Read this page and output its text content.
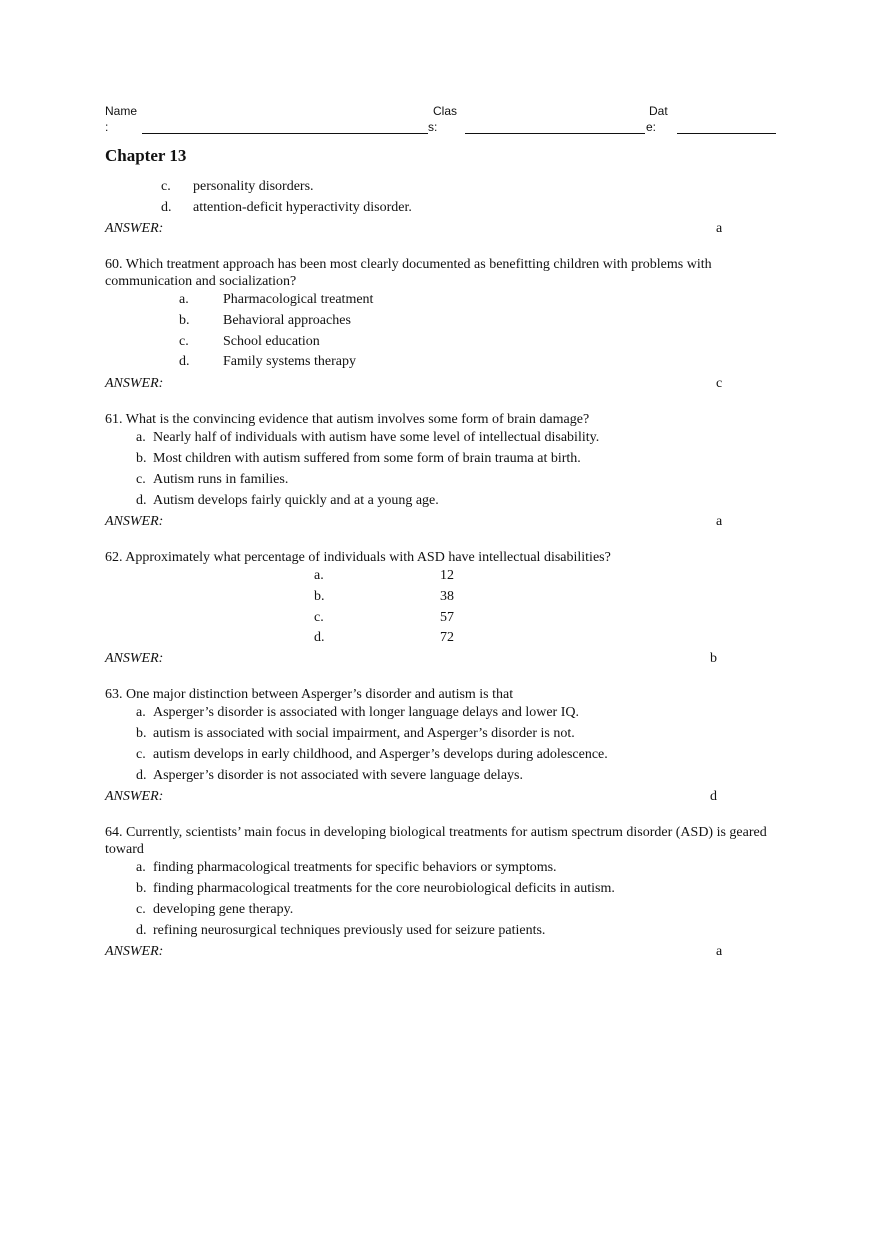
Name
:
Clas
s:
Dat
e:
Chapter 13
c. personality disorders.
d. attention-deficit hyperactivity disorder.
ANSWER:	a
60. Which treatment approach has been most clearly documented as benefitting children with problems with communication and socialization?
a. Pharmacological treatment
b. Behavioral approaches
c. School education
d. Family systems therapy
ANSWER:	c
61. What is the convincing evidence that autism involves some form of brain damage?
a. Nearly half of individuals with autism have some level of intellectual disability.
b. Most children with autism suffered from some form of brain trauma at birth.
c. Autism runs in families.
d. Autism develops fairly quickly and at a young age.
ANSWER:	a
62. Approximately what percentage of individuals with ASD have intellectual disabilities?
a.	12
b.	38
c.	57
d.	72
ANSWER:	b
63. One major distinction between Asperger’s disorder and autism is that
a. Asperger’s disorder is associated with longer language delays and lower IQ.
b. autism is associated with social impairment, and Asperger’s disorder is not.
c. autism develops in early childhood, and Asperger’s develops during adolescence.
d. Asperger’s disorder is not associated with severe language delays.
ANSWER:	d
64. Currently, scientists’ main focus in developing biological treatments for autism spectrum disorder (ASD) is geared toward
a. finding pharmacological treatments for specific behaviors or symptoms.
b. finding pharmacological treatments for the core neurobiological deficits in autism.
c. developing gene therapy.
d. refining neurosurgical techniques previously used for seizure patients.
ANSWER:	a
